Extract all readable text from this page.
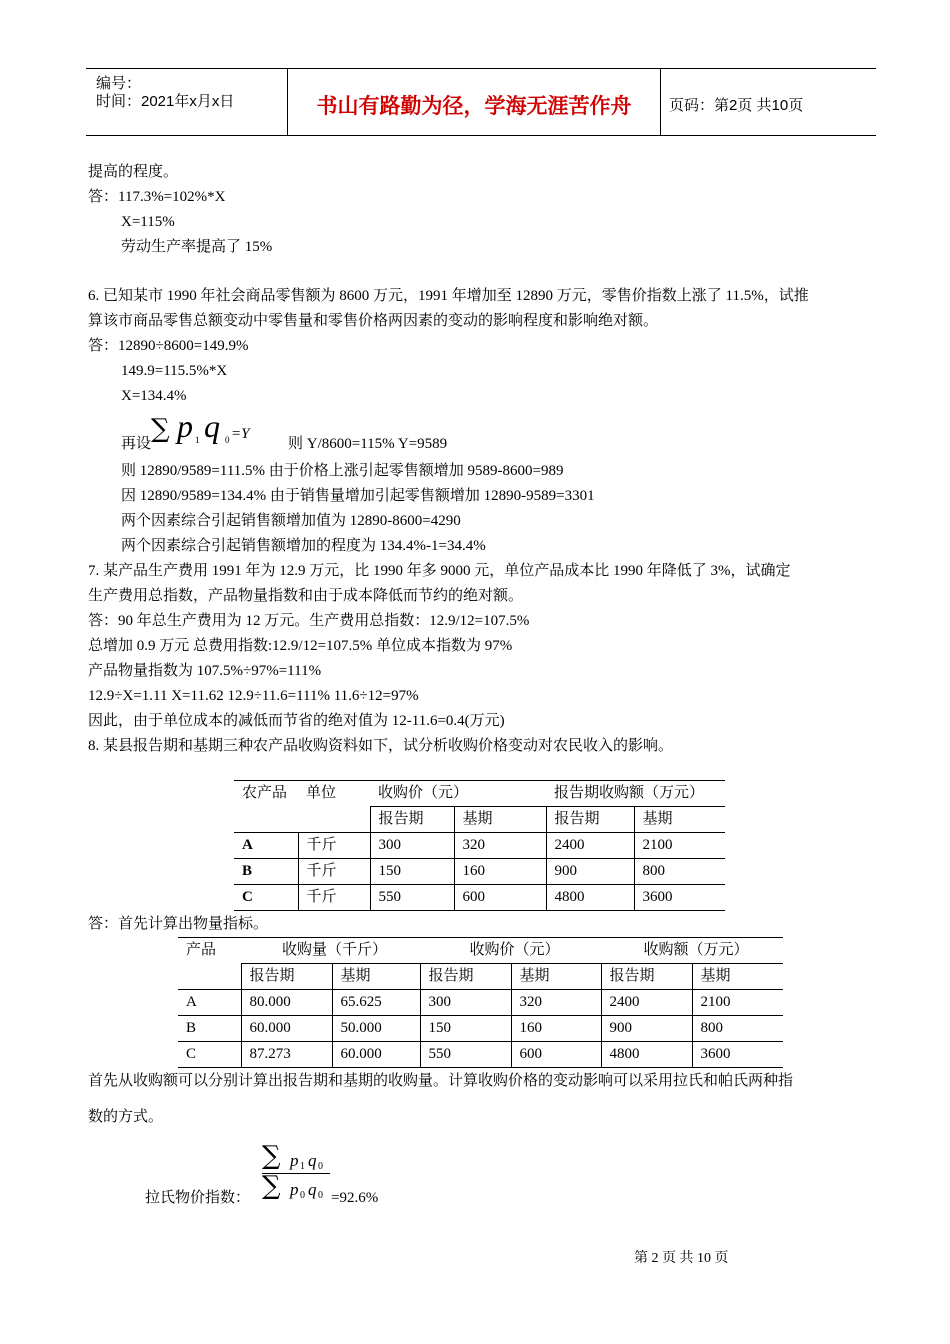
编号：
时间：2021年x月x日	书山有路勤为径，学海无涯苦作舟	页码：第2页 共10页
提高的程度。
答：117.3%=102%*X
X=115%
劳动生产率提高了 15%
6. 已知某市 1990 年社会商品零售额为 8600 万元，1991 年增加至 12890 万元，零售价指数上涨了 11.5%，试推
算该市商品零售总额变动中零售量和零售价格两因素的变动的影响程度和影响绝对额。
答：12890÷8600=149.9%
149.9=115.5%*X
X=134.4%
再设 ∑ p 1 q 0 =Y
则 Y/8600=115% Y=9589
则 12890/9589=111.5% 由于价格上涨引起零售额增加 9589-8600=989
因 12890/9589=134.4% 由于销售量增加引起零售额增加 12890-9589=3301
两个因素综合引起销售额增加值为 12890-8600=4290
两个因素综合引起销售额增加的程度为 134.4%-1=34.4%
7. 某产品生产费用 1991 年为 12.9 万元，比 1990 年多 9000 元，单位产品成本比 1990 年降低了 3%，试确定
生产费用总指数，产品物量指数和由于成本降低而节约的绝对额。
答：90 年总生产费用为 12 万元。生产费用总指数：12.9/12=107.5%
总增加 0.9 万元 总费用指数:12.9/12=107.5% 单位成本指数为 97%
产品物量指数为 107.5%÷97%=111%
12.9÷X=1.11 X=11.62 12.9÷11.6=111% 11.6÷12=97%
因此，由于单位成本的减低而节省的绝对值为 12-11.6=0.4(万元)
8. 某县报告期和基期三种农产品收购资料如下，试分析收购价格变动对农民收入的影响。
农产品	单位	收购价（元）		报告期收购额（万元）	
		报告期	基期	报告期	基期
A	千斤	300	320	2400	2100
B	千斤	150	160	900	800
C	千斤	550	600	4800	3600
答：首先计算出物量指标。
产品	收购量（千斤）		收购价（元）		收购额（万元）	
	报告期	基期	报告期	基期	报告期	基期
A	80.000	65.625	300	320	2400	2100
B	60.000	50.000	150	160	900	800
C	87.273	60.000	550	600	4800	3600
首先从收购额可以分别计算出报告期和基期的收购量。计算收购价格的变动影响可以采用拉氏和帕氏两种指
数的方式。
∑ p 1 q 0
∑ p 0 q 0
拉氏物价指数：	=92.6%
第 2 页 共 10 页
